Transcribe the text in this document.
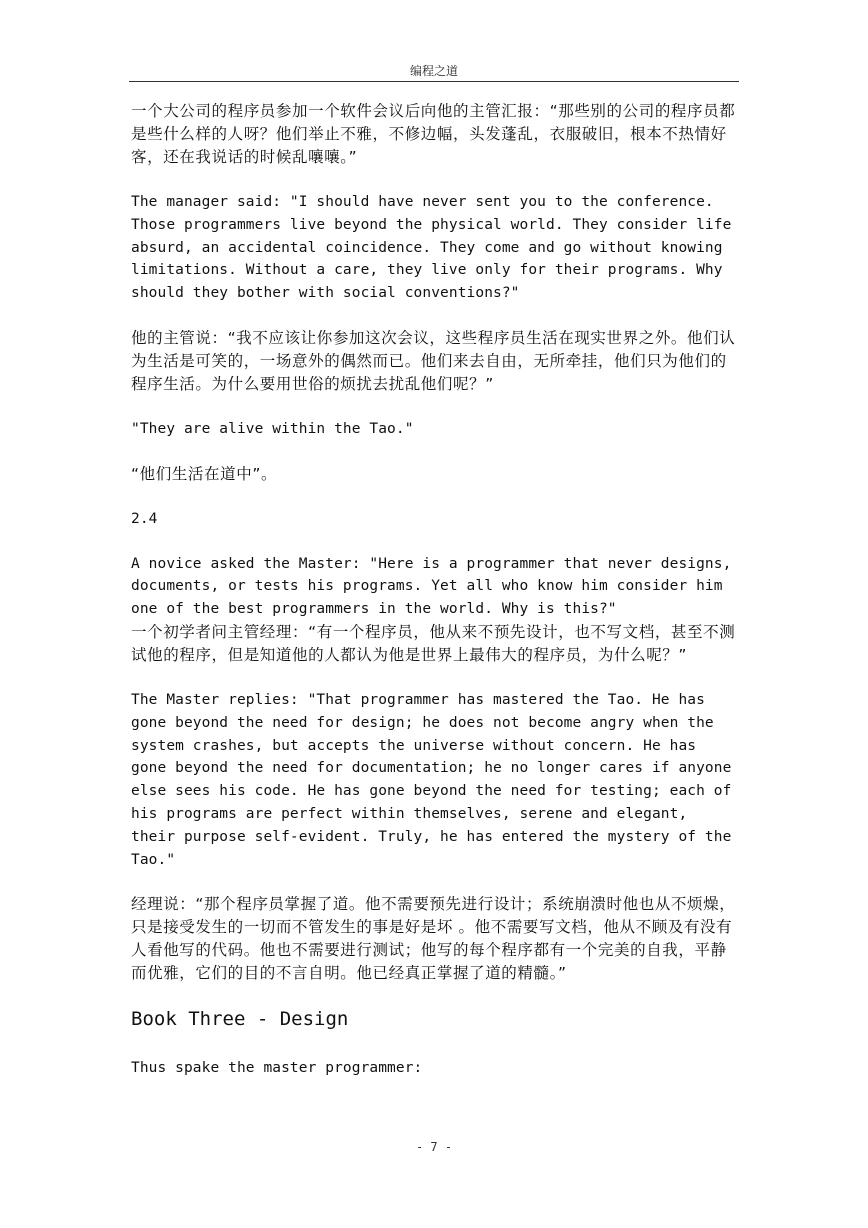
编程之道

一个大公司的程序员参加一个软件会议后向他的主管汇报：“那些别的公司的程序员都是些什么样的人呀？他们举止不雅，不修边幅，头发蓬乱，衣服破旧，根本不热情好客，还在我说话的时候乱嚷嚷。”

The manager said: "I should have never sent you to the conference. Those programmers live beyond the physical world. They consider life absurd, an accidental coincidence. They come and go without knowing limitations. Without a care, they live only for their programs. Why should they bother with social conventions?"

他的主管说：“我不应该让你参加这次会议，这些程序员生活在现实世界之外。他们认为生活是可笑的，一场意外的偶然而已。他们来去自由，无所牵挂，他们只为他们的程序生活。为什么要用世俗的烦扰去扰乱他们呢？”

"They are alive within the Tao."

“他们生活在道中”。

2.4

A novice asked the Master: "Here is a programmer that never designs, documents, or tests his programs. Yet all who know him consider him one of the best programmers in the world. Why is this?"

一个初学者问主管经理：“有一个程序员，他从来不预先设计，也不写文档，甚至不测试他的程序，但是知道他的人都认为他是世界上最伟大的程序员，为什么呢？”

The Master replies: "That programmer has mastered the Tao. He has gone beyond the need for design; he does not become angry when the system crashes, but accepts the universe without concern. He has gone beyond the need for documentation; he no longer cares if anyone else sees his code. He has gone beyond the need for testing; each of his programs are perfect within themselves, serene and elegant, their purpose self-evident. Truly, he has entered the mystery of the Tao."

经理说：“那个程序员掌握了道。他不需要预先进行设计；系统崩溃时他也从不烦燥，只是接受发生的一切而不管发生的事是好是坏 。他不需要写文档，他从不顾及有没有人看他写的代码。他也不需要进行测试；他写的每个程序都有一个完美的自我，平静而优雅，它们的目的不言自明。他已经真正掌握了道的精髓。”

Book Three - Design

Thus spake the master programmer:

- 7 -
